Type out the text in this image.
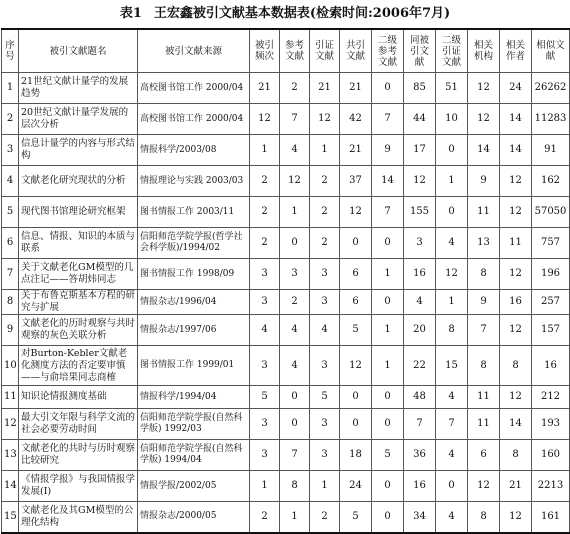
表1 王宏鑫被引文献基本数据表(检索时间:2006年7月)
序号	被引文献题名	被引文献来源	被引频次	参考文献	引证文献	共引文献	二级参考文献	同被引文献	二级引证文献	相关机构	相关作者	相似文献
1	21世纪文献计量学的发展趋势	高校图书馆工作 2000/04	21	2	21	21	0	85	51	12	24	26262
2	20世纪文献计量学发展的层次分析	高校图书馆工作 2000/04	12	7	12	42	7	44	10	12	14	11283
3	信息计量学的内容与形式结构	情报科学/2003/08	1	4	1	21	9	17	0	14	14	91
4	文献老化研究现状的分析	情报理论与实践 2003/03	2	12	2	37	14	12	1	9	12	162
5	现代图书馆理论研究框架	图书情报工作 2003/11	2	1	2	12	7	155	0	11	12	57050
6	信息、情报、知识的本质与联系	信阳师范学院学报(哲学社会科学版)/1994/02	2	0	2	0	0	3	4	13	11	757
7	关于文献老化GM模型的几点注记——答胡炜同志	图书情报工作 1998/09	3	3	3	6	1	16	12	8	12	196
8	关于布鲁克斯基本方程的研究与扩展	情报杂志/1996/04	3	2	3	6	0	4	1	9	16	257
9	文献老化的历时观察与共时观察的灰色关联分析	情报杂志/1997/06	4	4	4	5	1	20	8	7	12	157
10	对Burton-Kebler文献老化测度方法的否定要审慎——与俞培果同志商榷	图书情报工作 1999/01	3	4	3	12	1	22	15	8	8	16
11	知识论情报测度基础	情报科学/1994/04	5	0	5	0	0	48	4	11	12	212
12	最大引文年限与科学文流的社会必要劳动时间	信阳师范学院学报(自然科学版) 1992/03	3	0	3	0	0	7	7	11	14	193
13	文献老化的共时与历时观察比较研究	信阳师范学院学报(自然科学版) 1994/04	3	7	3	18	5	36	4	6	8	160
14	《情报学报》与我国情报学发展(Ⅰ)	情报学报/2002/05	1	8	1	24	0	16	0	12	21	2213
15	文献老化及其GM模型的公理化结构	情报杂志/2000/05	2	1	2	5	0	34	4	8	12	161
